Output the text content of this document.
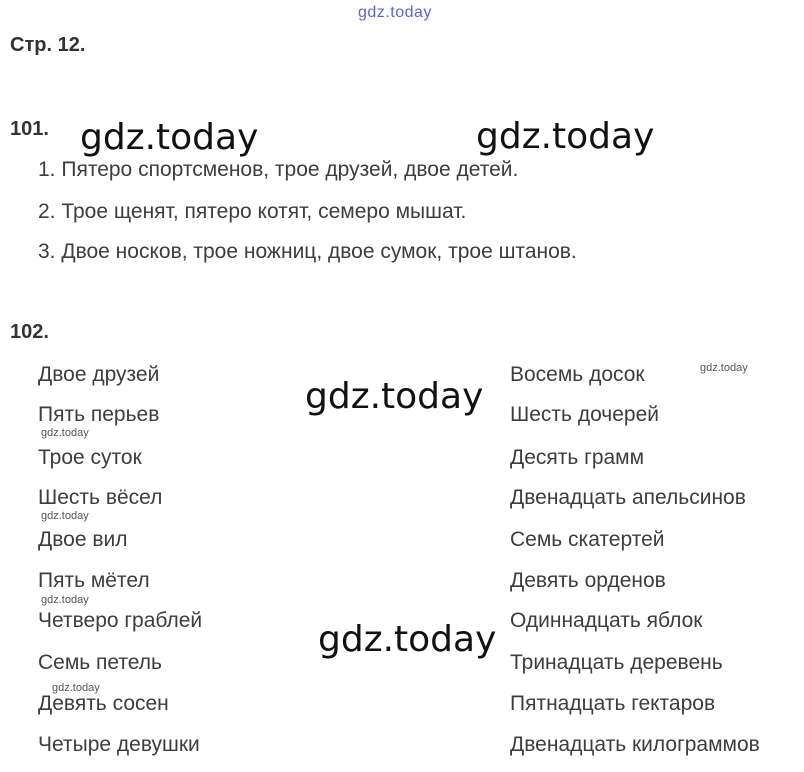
gdz.today
Стр. 12.
101. gdz.today	gdz.today
1. Пятеро спортсменов, трое друзей, двое детей.
2. Трое щенят, пятеро котят, семеро мышат.
3. Двое носков, трое ножниц, двое сумок, трое штанов.
102.
Двое друзей
Пять перьев
Трое суток
Шесть вёсел
Двое вил
Пять мётел
Четверо граблей
Семь петель
Девять сосен
Четыре девушки
Восемь досок
Шесть дочерей
Десять грамм
Двенадцать апельсинов
Семь скатертей
Девять орденов
Одиннадцать яблок
Тринадцать деревень
Пятнадцать гектаров
Двенадцать килограммов
gdz.today
gdz.today
gdz.today
gdz.today
gdz.today
gdz.today
gdz.today
